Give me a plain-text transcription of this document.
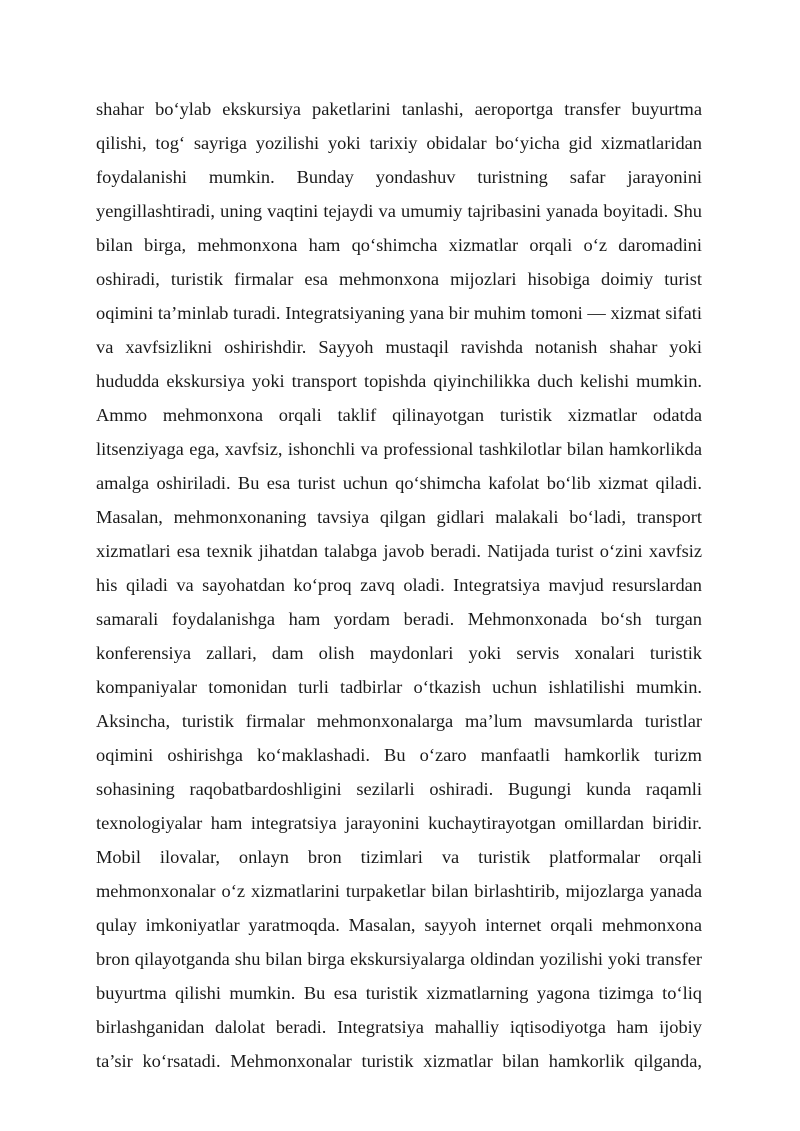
shahar bo‘ylab ekskursiya paketlarini tanlashi, aeroportga transfer buyurtma
qilishi, tog‘ sayriga yozilishi yoki tarixiy obidalar bo‘yicha gid xizmatlaridan
foydalanishi mumkin. Bunday yondashuv turistning safar jarayonini
yengillashtiradi, uning vaqtini tejaydi va umumiy tajribasini yanada boyitadi. Shu
bilan birga, mehmonxona ham qo‘shimcha xizmatlar orqali o‘z daromadini
oshiradi, turistik firmalar esa mehmonxona mijozlari hisobiga doimiy turist
oqimini ta’minlab turadi. Integratsiyaning yana bir muhim tomoni — xizmat sifati
va xavfsizlikni oshirishdir. Sayyoh mustaqil ravishda notanish shahar yoki
hududda ekskursiya yoki transport topishda qiyinchilikka duch kelishi mumkin.
Ammo mehmonxona orqali taklif qilinayotgan turistik xizmatlar odatda
litsenziyaga ega, xavfsiz, ishonchli va professional tashkilotlar bilan hamkorlikda
amalga oshiriladi. Bu esa turist uchun qo‘shimcha kafolat bo‘lib xizmat qiladi.
Masalan, mehmonxonaning tavsiya qilgan gidlari malakali bo‘ladi, transport
xizmatlari esa texnik jihatdan talabga javob beradi. Natijada turist o‘zini xavfsiz
his qiladi va sayohatdan ko‘proq zavq oladi. Integratsiya mavjud resurslardan
samarali foydalanishga ham yordam beradi. Mehmonxonada bo‘sh turgan
konferensiya zallari, dam olish maydonlari yoki servis xonalari turistik
kompaniyalar tomonidan turli tadbirlar o‘tkazish uchun ishlatilishi mumkin.
Aksincha, turistik firmalar mehmonxonalarga ma’lum mavsumlarda turistlar
oqimini oshirishga ko‘maklashadi. Bu o‘zaro manfaatli hamkorlik turizm
sohasining raqobatbardoshligini sezilarli oshiradi. Bugungi kunda raqamli
texnologiyalar ham integratsiya jarayonini kuchaytirayotgan omillardan biridir.
Mobil ilovalar, onlayn bron tizimlari va turistik platformalar orqali
mehmonxonalar o‘z xizmatlarini turpaketlar bilan birlashtirib, mijozlarga yanada
qulay imkoniyatlar yaratmoqda. Masalan, sayyoh internet orqali mehmonxona
bron qilayotganda shu bilan birga ekskursiyalarga oldindan yozilishi yoki transfer
buyurtma qilishi mumkin. Bu esa turistik xizmatlarning yagona tizimga to‘liq
birlashganidan dalolat beradi. Integratsiya mahalliy iqtisodiyotga ham ijobiy
ta’sir ko‘rsatadi. Mehmonxonalar turistik xizmatlar bilan hamkorlik qilganda,
